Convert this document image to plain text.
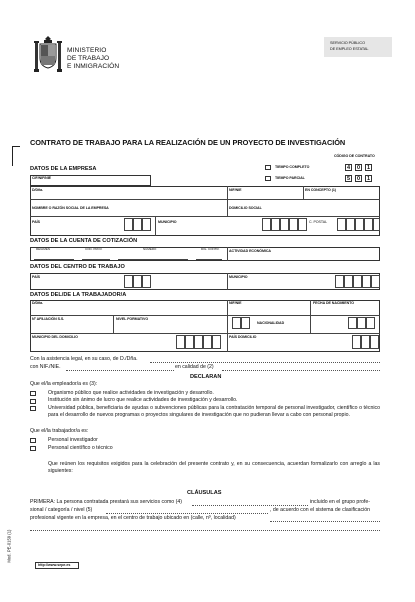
MINISTERIO
DE TRABAJO
E INMIGRACIÓN
SERVICIO PÚBLICO
DE EMPLEO ESTATAL
CONTRATO DE TRABAJO PARA LA REALIZACIÓN DE UN PROYECTO DE INVESTIGACIÓN
CÓDIGO DE CONTRATO
TIEMPO COMPLETO	4	0	1
TIEMPO PARCIAL	5	0	1
DATOS DE LA EMPRESA
CIF/NIF/NIE
D/Dña.	NIF/NIE	EN CONCEPTO (1)
NOMBRE O RAZÓN SOCIAL DE LA EMPRESA	DOMICILIO SOCIAL
PAÍS	MUNICIPIO	C. POSTAL
DATOS DE LA CUENTA DE COTIZACIÓN
RÉGIMEN	COD. PROV.	NÚMERO	DIG. CONTR.	ACTIVIDAD ECONÓMICA
DATOS DEL CENTRO DE TRABAJO
PAÍS	MUNICIPIO
DATOS DEL/DE LA TRABAJADOR/A
D/Dña.	NIF/NIE	FECHA DE NACIMIENTO
Nº AFILIACIÓN S.S.	NIVEL FORMATIVO
NACIONALIDAD
MUNICIPIO DEL DOMICILIO	PAÍS DOMICILIO
Con la asistencia legal, en su caso, de D./Dña.
con NIF./NIE.	en calidad de (2)
DECLARAN
Que el/la empleador/a es (3):
Organismo público que realice actividades de investigación y desarrollo.
Institución sin ánimo de lucro que realice actividades de investigación y desarrollo.
Universidad pública, beneficiaria de ayudas o subvenciones públicas para la contratación temporal de personal investigador, científico o técnico para el desarrollo de nuevos programas o proyectos singulares de investigación que no pudieran llevar a cabo con personal propio.
Que el/la trabajador/a es:
Personal investigador
Personal científico o técnico
Que reúnen los requisitos exigidos para la celebración del presente contrato y, en su consecuencia, acuerdan formalizarlo con arreglo a las siguientes:
CLÁUSULAS
PRIMERA: La persona contratada prestará sus servicios como (4)	incluido en el grupo profe-
sional / categoría / nivel (5)	, de acuerdo con el sistema de clasificación
profesional vigente en la empresa, en el centro de trabajo ubicado en (calle, nº, localidad)
Mod. PE-0159 (1)
http://www.sepe.es
